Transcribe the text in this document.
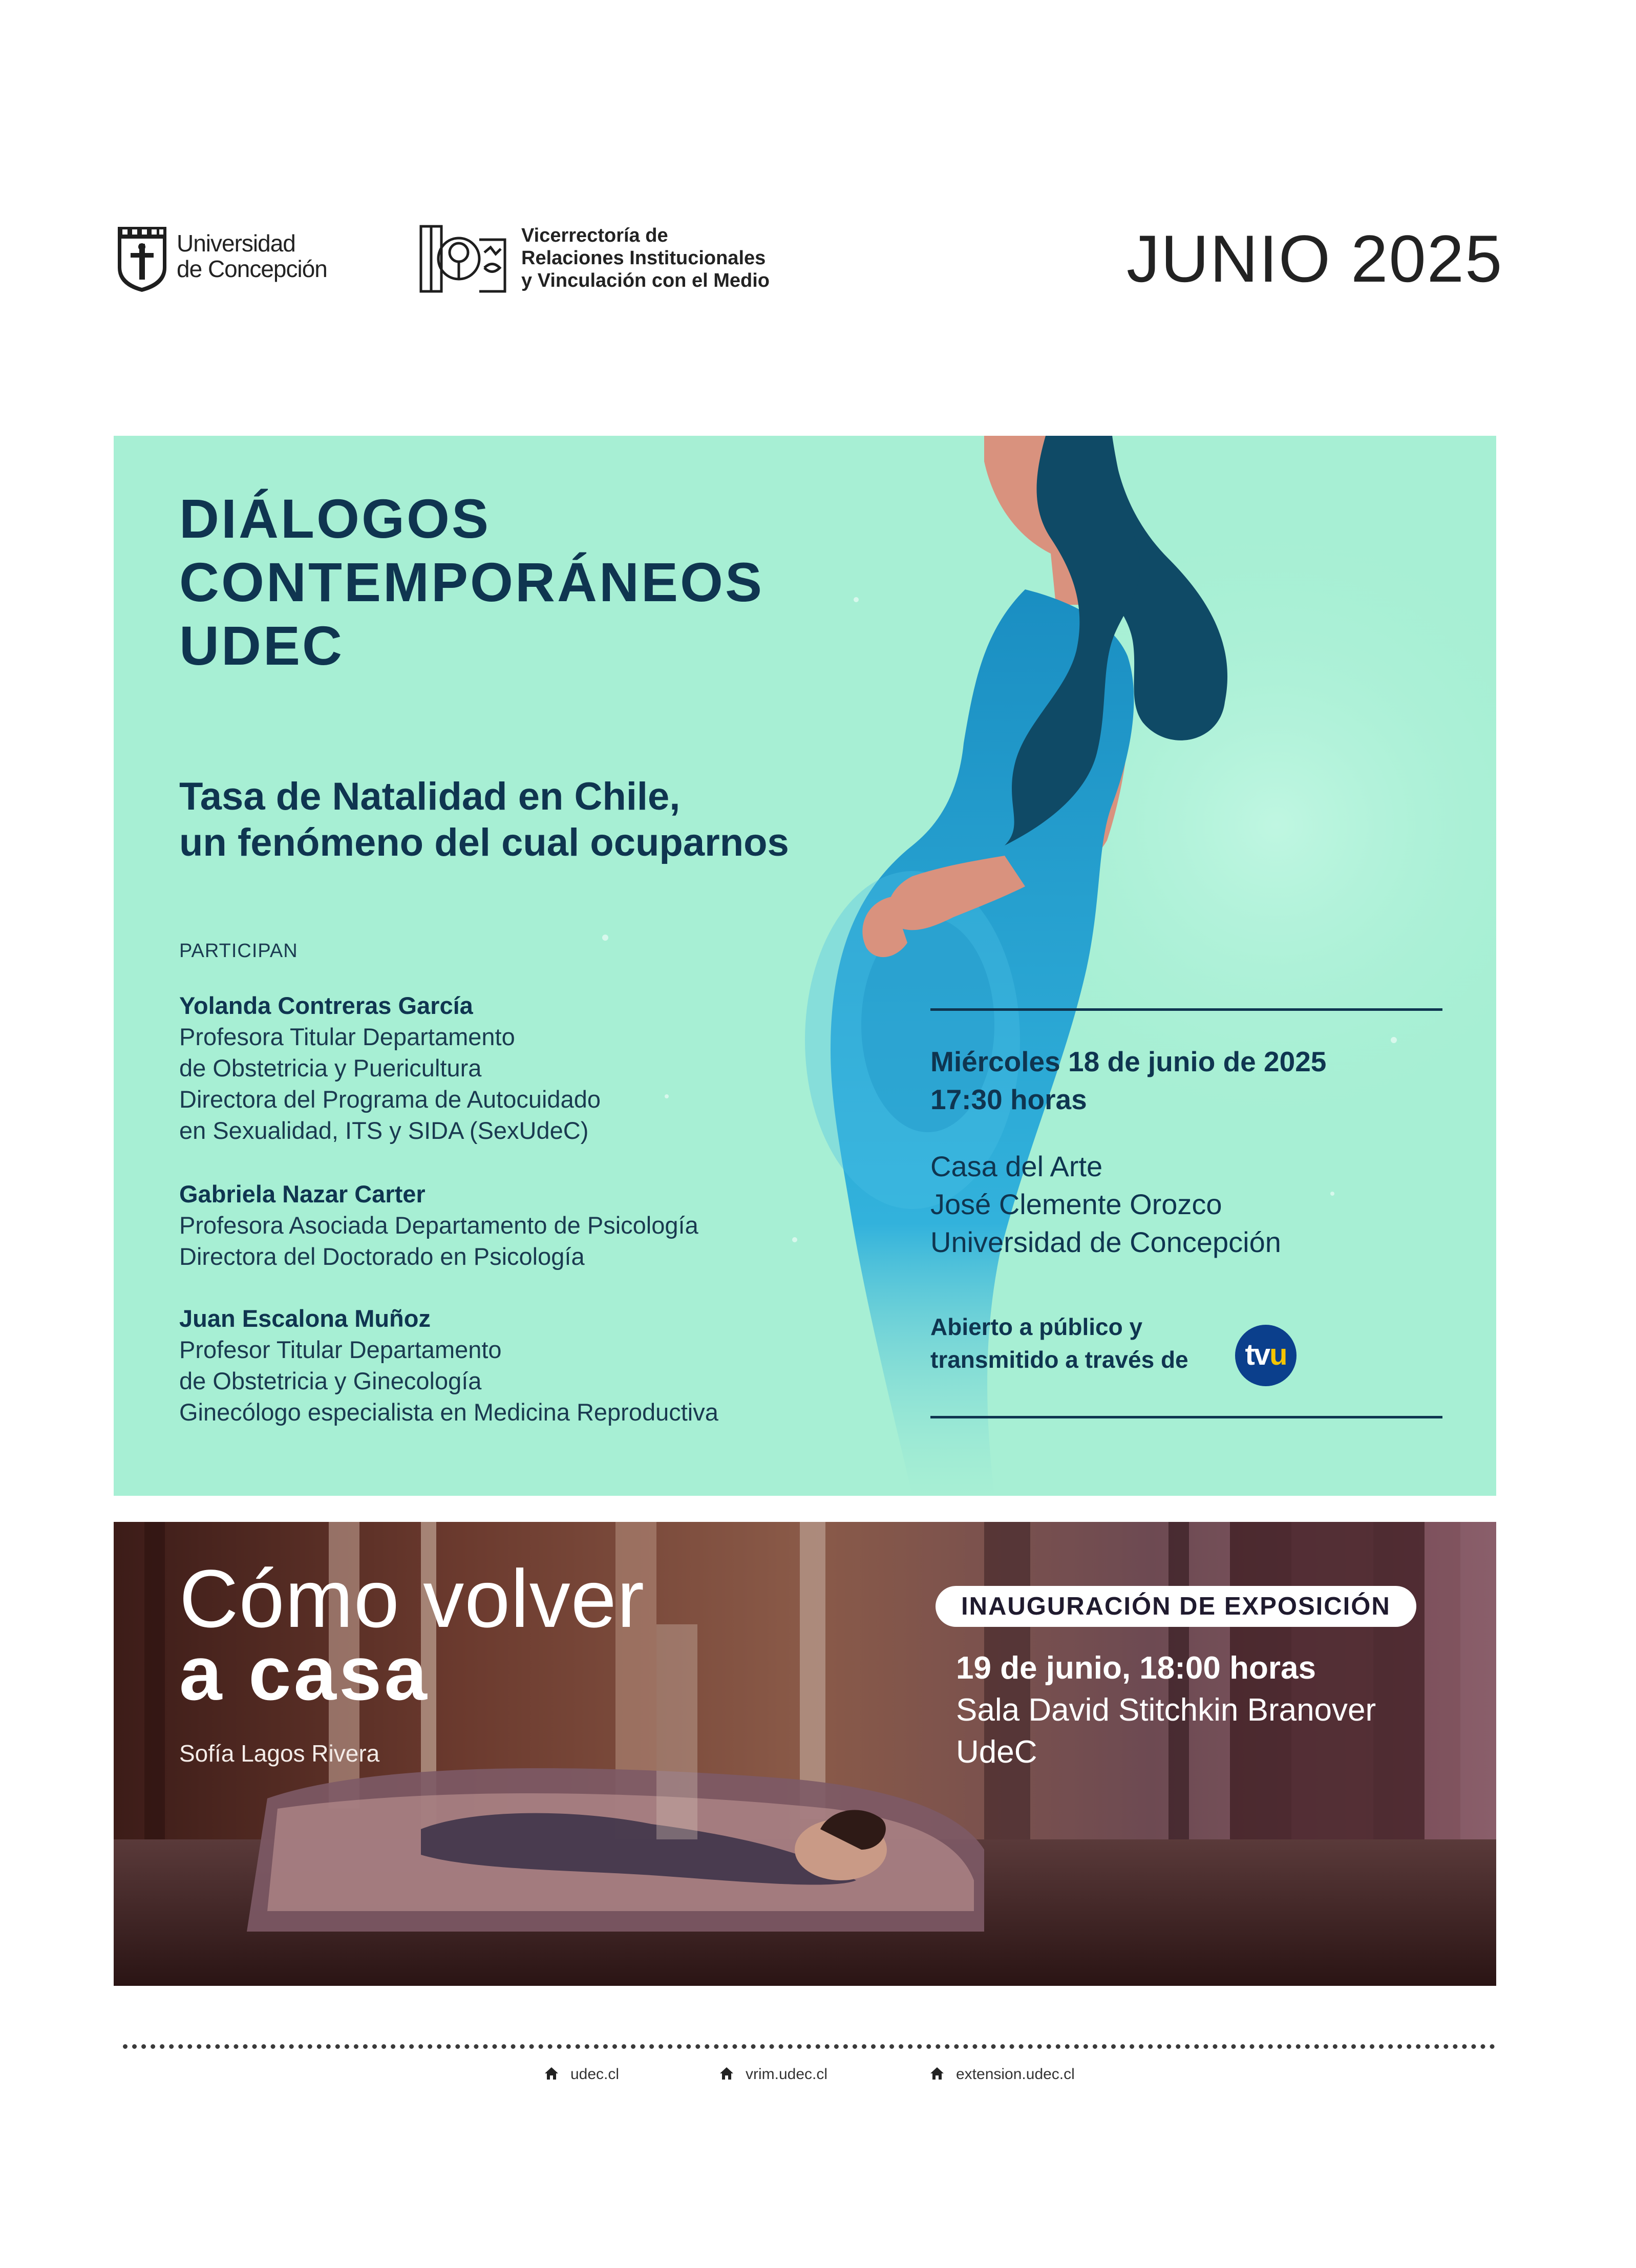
Universidad
de Concepción
Vicerrectoría de
Relaciones Institucionales
y Vinculación con el Medio	JUNIO 2025
DIÁLOGOS
CONTEMPORÁNEOS
UDEC
Tasa de Natalidad en Chile,
un fenómeno del cual ocuparnos
PARTICIPAN
Yolanda Contreras García
Profesora Titular Departamento
de Obstetricia y Puericultura
Directora del Programa de Autocuidado
en Sexualidad, ITS y SIDA (SexUdeC)
Gabriela Nazar Carter
Profesora Asociada Departamento de Psicología
Directora del Doctorado en Psicología
Juan Escalona Muñoz
Profesor Titular Departamento
de Obstetricia y Ginecología
Ginecólogo especialista en Medicina Reproductiva
Miércoles 18 de junio de 2025
17:30 horas
Casa del Arte
José Clemente Orozco
Universidad de Concepción
Abierto a público y
transmitido a través de	tvu
Cómo volver
a casa
Sofía Lagos Rivera
INAUGURACIÓN DE EXPOSICIÓN
19 de junio, 18:00 horas
Sala David Stitchkin Branover
UdeC
udec.cl	vrim.udec.cl	extension.udec.cl
